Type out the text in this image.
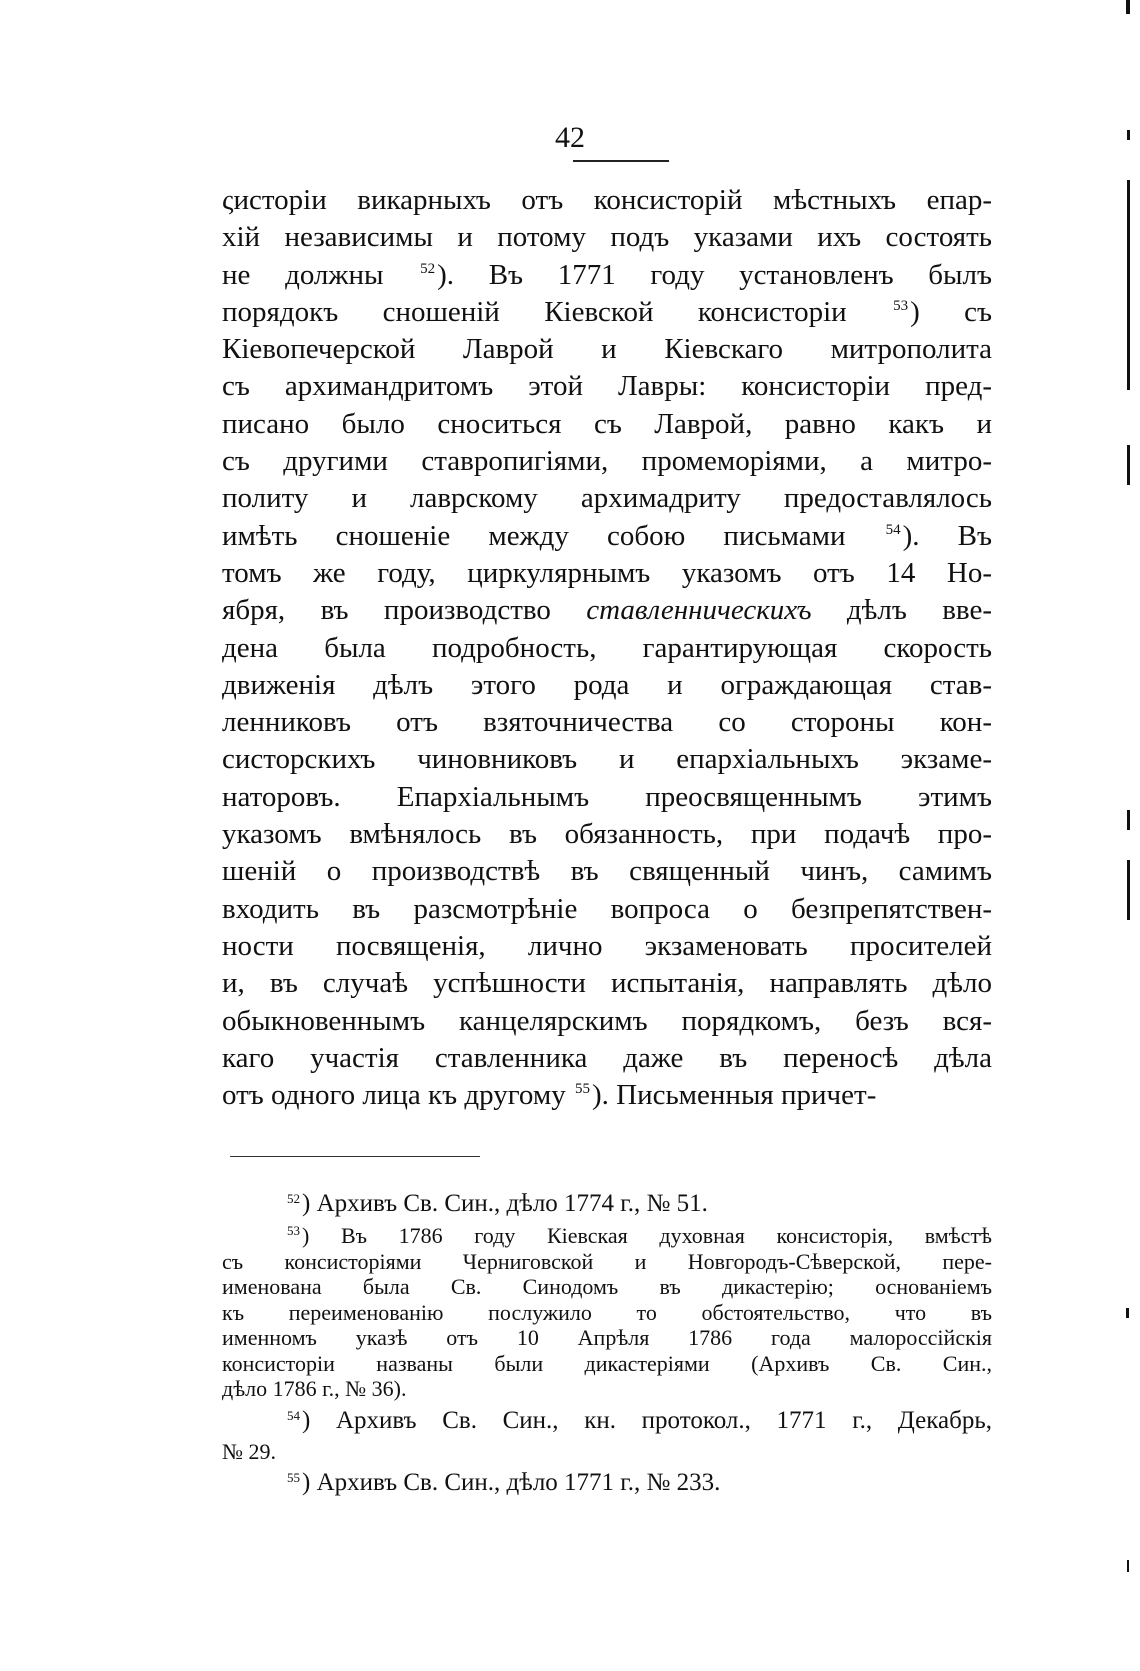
42
ςисторіи викарныхъ отъ консисторій мѣстныхъ епар-
хій независимы и потому подъ указами ихъ состоять
не должны $^{52}$). Въ 1771 году установленъ былъ
порядокъ сношеній Кіевской консисторіи $^{53}$) съ
Кіевопечерской Лаврой и Кіевскаго митрополита
съ архимандритомъ этой Лавры: консисторіи пред-
писано было сноситься съ Лаврой, равно какъ и
съ другими ставропигіями, промеморіями, а митро-
политу и лаврскому архимадриту предоставлялось
имѣть сношеніе между собою письмами $^{54}$). Въ
томъ же году, циркулярнымъ указомъ отъ 14 Но-
ября, въ производство ставленническихъ дѣлъ вве-
дена была подробность, гарантирующая скорость
движенія дѣлъ этого рода и ограждающая став-
ленниковъ отъ взяточничества со стороны кон-
систорскихъ чиновниковъ и епархіальныхъ экзаме-
наторовъ. Епархіальнымъ преосвященнымъ этимъ
указомъ вмѣнялось въ обязанность, при подачѣ про-
шеній о производствѣ въ священный чинъ, самимъ
входить въ разсмотрѣніе вопроса о безпрепятствен-
ности посвященія, лично экзаменовать просителей
и, въ случаѣ успѣшности испытанія, направлять дѣло
обыкновеннымъ канцелярскимъ порядкомъ, безъ вся-
каго участія ставленника даже въ переносѣ дѣла
отъ одного лица къ другому $^{55}$). Письменныя причет-
$^{52}$) Архивъ Св. Син., дѣло 1774 г., № 51.
$^{53}$) Въ 1786 году Кіевская духовная консисторія, вмѣстѣ
съ консисторіями Черниговской и Новгородъ-Сѣверской, пере-
именована была Св. Синодомъ въ дикастерію; основаніемъ
къ переименованію послужило то обстоятельство, что въ
именномъ указѣ отъ 10 Апрѣля 1786 года малороссійскія
консисторіи названы были дикастеріями (Архивъ Св. Син.,
дѣло 1786 г., № 36).
$^{54}$) Архивъ Св. Син., кн. протокол., 1771 г., Декабрь,
№ 29.
$^{55}$) Архивъ Св. Син., дѣло 1771 г., № 233.
